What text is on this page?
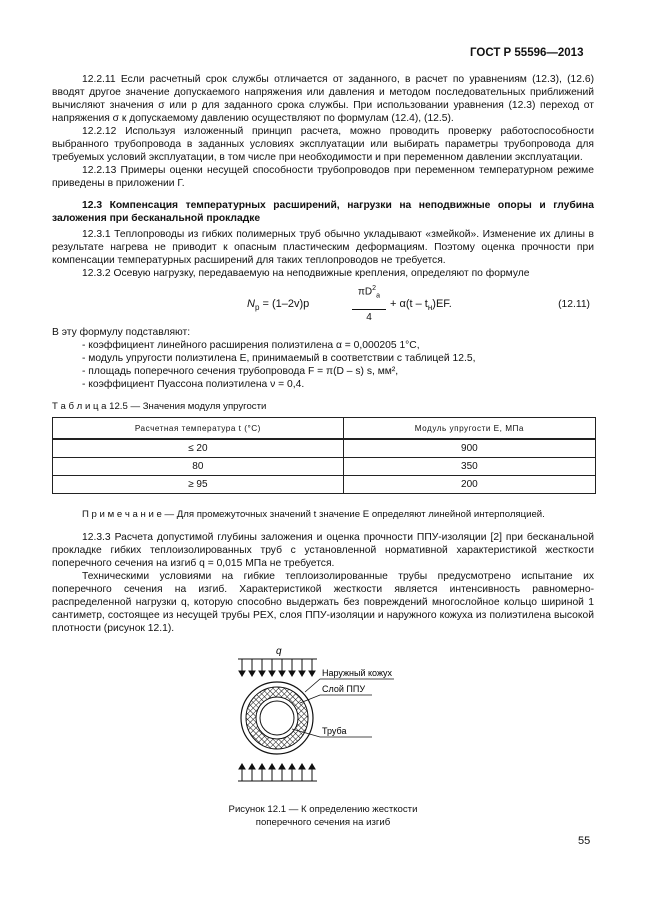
ГОСТ Р 55596—2013

12.2.11 Если расчетный срок службы отличается от заданного, в расчет по уравнениям (12.3), (12.6) вводят другое значение допускаемого напряжения или давления и методом последовательных приближений вычисляют значения σ или p для заданного срока службы. При использовании уравнения (12.3) переход от напряжения σ к допускаемому давлению осуществляют по формулам (12.4), (12.5).

12.2.12 Используя изложенный принцип расчета, можно проводить проверку работоспособности выбранного трубопровода в заданных условиях эксплуатации или выбирать параметры трубопровода для требуемых условий эксплуатации, в том числе при необходимости и при переменном давлении эксплуатации.

12.2.13 Примеры оценки несущей способности трубопроводов при переменном температурном режиме приведены в приложении Г.

12.3 Компенсация температурных расширений, нагрузки на неподвижные опоры и глубина заложения при бесканальной прокладке

12.3.1 Теплопроводы из гибких полимерных труб обычно укладывают «змейкой». Изменение их длины в результате нагрева не приводит к опасным пластическим деформациям. Поэтому оценка прочности при компенсации температурных расширений для таких теплопроводов не требуется.

12.3.2 Осевую нагрузку, передаваемую на неподвижные крепления, определяют по формуле

$N_p = (1-2v)p$
$\pi D^2_a$
4
+ $\alpha(t - t_н)EF$.	(12.11)

В эту формулу подставляют:

- коэффициент линейного расширения полиэтилена α = 0,000205 1°С,

- модуль упругости полиэтилена E, принимаемый в соответствии с таблицей 12.5,

- площадь поперечного сечения трубопровода F = π(D – s) s, мм²,

- коэффициент Пуассона полиэтилена ν = 0,4.

Т а б л и ц а 12.5 — Значения модуля упругости

Расчетная температура t (°С)	Модуль упругости E, МПа
≤ 20	900
80	350
≥ 95	200

П р и м е ч а н и е — Для промежуточных значений t значение E определяют линейной интерполяцией.

12.3.3 Расчета допустимой глубины заложения и оценка прочности ППУ-изоляции [2] при бесканальной прокладке гибких теплоизолированных труб с установленной нормативной характеристикой жесткости поперечного сечения на изгиб q = 0,015 МПа не требуется.

Техническими условиями на гибкие теплоизолированные трубы предусмотрено испытание их поперечного сечения на изгиб. Характеристикой жесткости является интенсивность равномерно-распределенной нагрузки q, которую способно выдержать без повреждений многослойное кольцо шириной 1 сантиметр, состоящее из несущей трубы PEX, слоя ППУ-изоляции и наружного кожуха из полиэтилена высокой плотности (рисунок 12.1).

q
Наружный кожух
Слой ППУ
Труба
Рисунок 12.1 — К определению жесткости
поперечного сечения на изгиб
55
